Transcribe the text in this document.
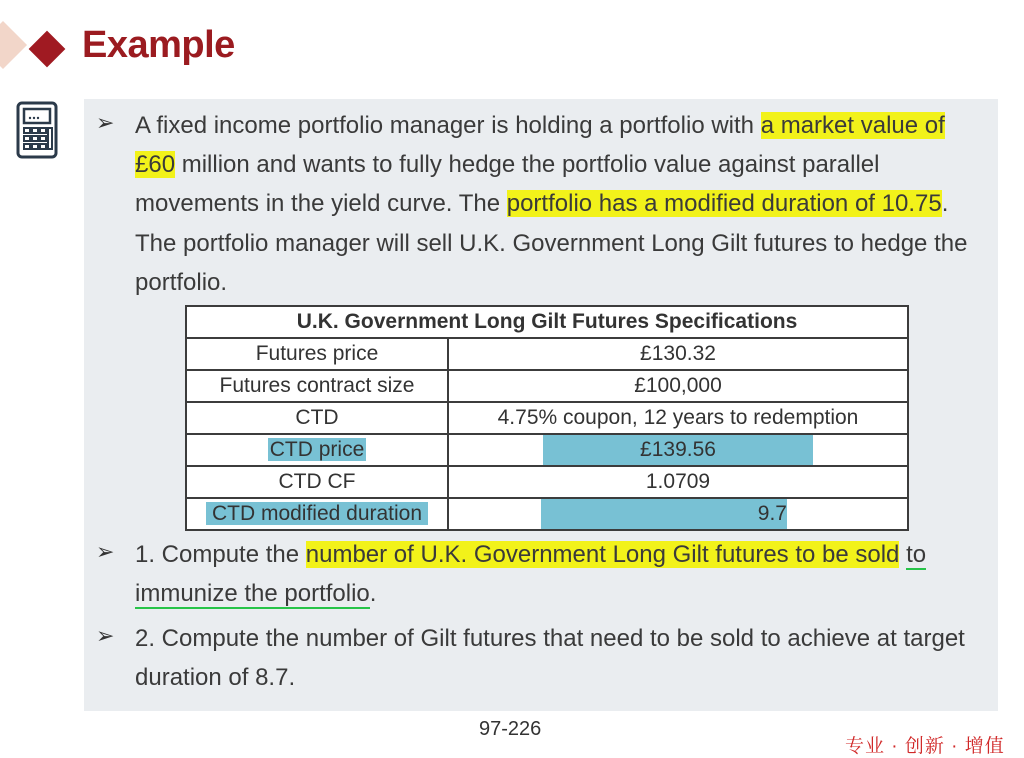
Example
➢ A fixed income portfolio manager is holding a portfolio with a market value of £60 million and wants to fully hedge the portfolio value against parallel movements in the yield curve. The portfolio has a modified duration of 10.75. The portfolio manager will sell U.K. Government Long Gilt futures to hedge the portfolio.
U.K. Government Long Gilt Futures Specifications	
Futures price	£130.32
Futures contract size	£100,000
CTD	4.75% coupon, 12 years to redemption
CTD price	£139.56
CTD CF	1.0709
CTD modified duration	9.7
➢ 1. Compute the number of U.K. Government Long Gilt futures to be sold to immunize the portfolio.
➢ 2. Compute the number of Gilt futures that need to be sold to achieve at target duration of 8.7.
97-226
专业 · 创新 · 增值
